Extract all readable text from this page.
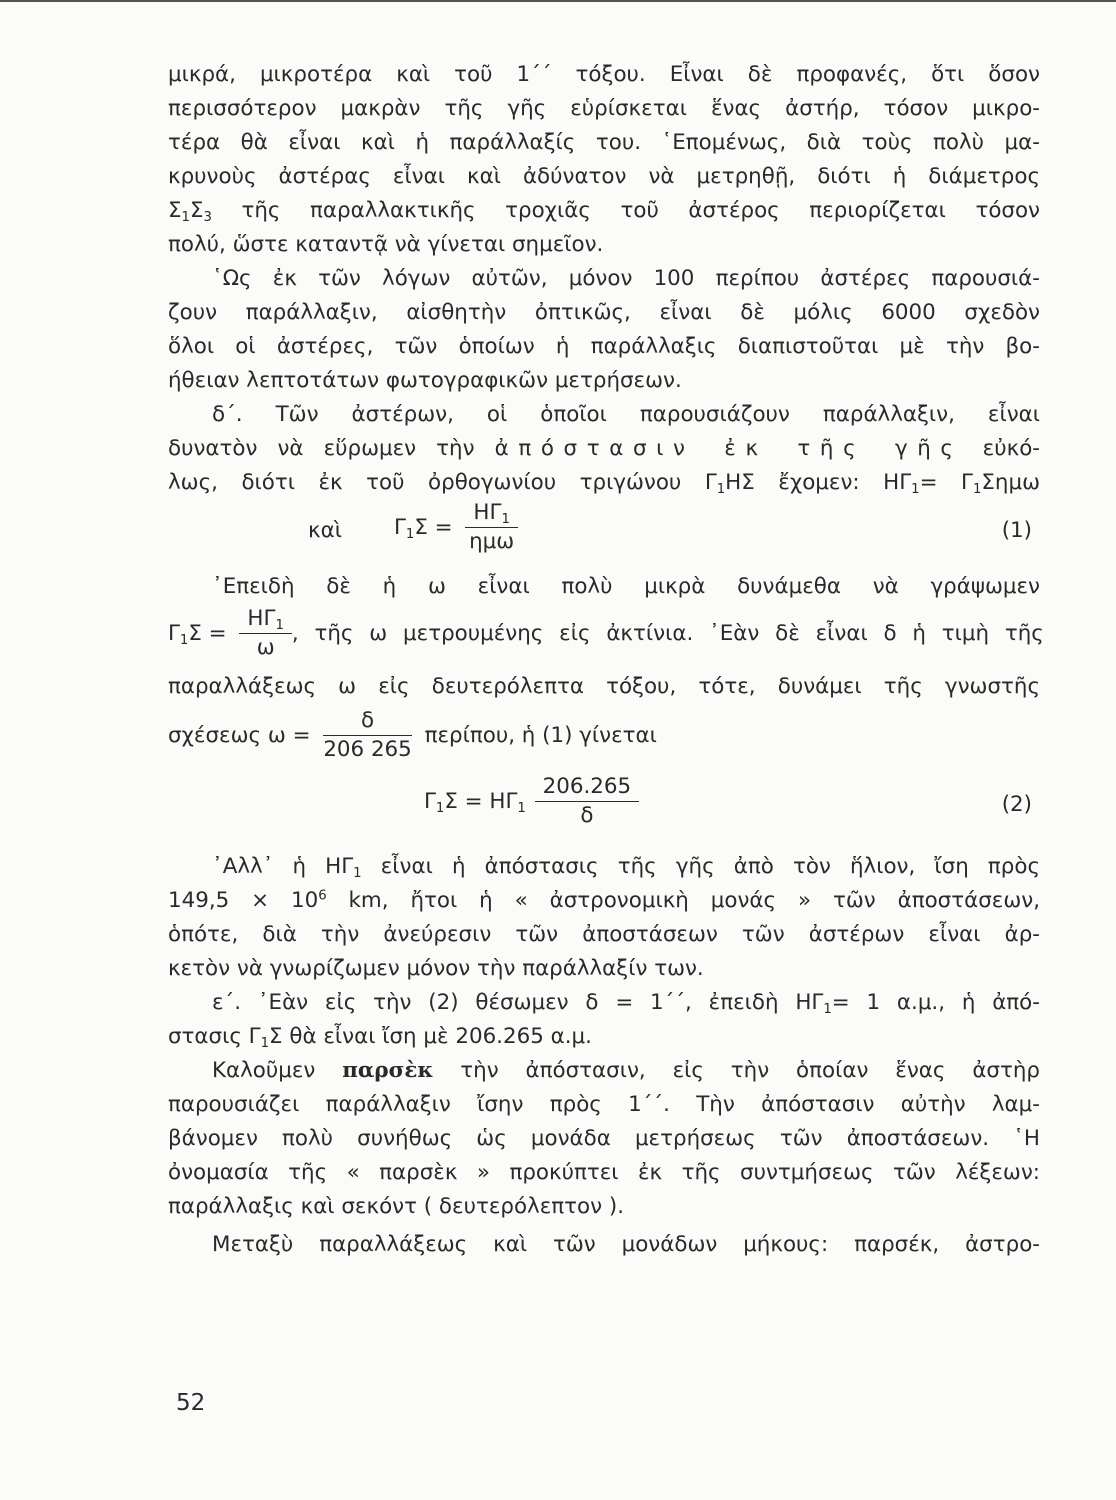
μικρά, μικροτέρα καὶ τοῦ 1΄΄ τόξου. Εἶναι δὲ προφανές, ὅτι ὅσον
περισσότερον μακρὰν τῆς γῆς εὑρίσκεται ἕνας ἀστήρ, τόσον μικρο-
τέρα θὰ εἶναι καὶ ἡ παράλλαξίς του. ῾Επομένως, διὰ τοὺς πολὺ μα-
κρυνοὺς ἀστέρας εἶναι καὶ ἀδύνατον νὰ μετρηθῇ, διότι ἡ διάμετρος
$\Sigma_1\Sigma_3$ τῆς παραλλακτικῆς τροχιᾶς τοῦ ἀστέρος περιορίζεται τόσον
πολύ, ὥστε καταντᾷ νὰ γίνεται σημεῖον.
῾Ως ἐκ τῶν λόγων αὐτῶν, μόνον 100 περίπου ἀστέρες παρουσιά-
ζουν παράλλαξιν, αἰσθητὴν ὀπτικῶς, εἶναι δὲ μόλις 6000 σχεδὸν
ὅλοι οἱ ἀστέρες, τῶν ὁποίων ἡ παράλλαξις διαπιστοῦται μὲ τὴν βο-
ήθειαν λεπτοτάτων φωτογραφικῶν μετρήσεων.
δ΄. Τῶν ἀστέρων, οἱ ὁποῖοι παρουσιάζουν παράλλαξιν, εἶναι
δυνατὸν νὰ εὕρωμεν τὴν ἀπόστασιν ἐκ τῆς γῆς εὐκό-
λως, διότι ἐκ τοῦ ὀρθογωνίου τριγώνου $\Gamma_1H\Sigma$ ἔχομεν: $H\Gamma_1= \Gamma_1\Sigma\eta\mu\omega$
καὶ $\Gamma_1\Sigma = \frac{H\Gamma_1}{\text{ημω}}$	(1)
᾿Επειδὴ δὲ ἡ ω εἶναι πολὺ μικρὰ δυνάμεθα νὰ γράψωμεν
$\Gamma_1\Sigma = \frac{H\Gamma_1}{\omega}$ , τῆς ω μετρουμένης εἰς ἀκτίνια. ᾿Εὰν δὲ εἶναι δ ἡ τιμὴ τῆς
παραλλάξεως ω εἰς δευτερόλεπτα τόξου, τότε, δυνάμει τῆς γνωστῆς
σχέσεως $\omega = \frac{\delta}{206 265} \pi\varepsilon\rho ί\pi o\upsilon$, ἡ (1) γίνεται
$\Gamma_1\Sigma = H\Gamma_1 \frac{206.265}{\delta}$	(2)
᾿Αλλ᾿ ἡ $H\Gamma_1$ εἶναι ἡ ἀπόστασις τῆς γῆς ἀπὸ τὸν ἥλιον, ἴση πρὸς
$149,5 \times 10^6$ km, ἤτοι ἡ « ἀστρονομικὴ μονάς » τῶν ἀποστάσεων,
ὁπότε, διὰ τὴν ἀνεύρεσιν τῶν ἀποστάσεων τῶν ἀστέρων εἶναι ἀρ-
κετὸν νὰ γνωρίζωμεν μόνον τὴν παράλλαξίν των.
ε΄. ᾿Εὰν εἰς τὴν (2) θέσωμεν δ = 1΄΄, ἐπειδὴ $H\Gamma_1= 1$ α.μ., ἡ ἀπό-
στασις $\Gamma_1\Sigma$ θὰ εἶναι ἴση μὲ 206.265 α.μ.
Καλοῦμεν παρσὲκ τὴν ἀπόστασιν, εἰς τὴν ὁποίαν ἕνας ἀστὴρ
παρουσιάζει παράλλαξιν ἴσην πρὸς 1΄΄. Τὴν ἀπόστασιν αὐτὴν λαμ-
βάνομεν πολὺ συνήθως ὡς μονάδα μετρήσεως τῶν ἀποστάσεων. ῾Η
ὀνομασία τῆς « παρσὲκ » προκύπτει ἐκ τῆς συντμήσεως τῶν λέξεων:
παράλλαξις καὶ σεκόντ ( δευτερόλεπτον ).
Μεταξὺ παραλλάξεως καὶ τῶν μονάδων μήκους: παρσέκ, ἀστρο-
52
